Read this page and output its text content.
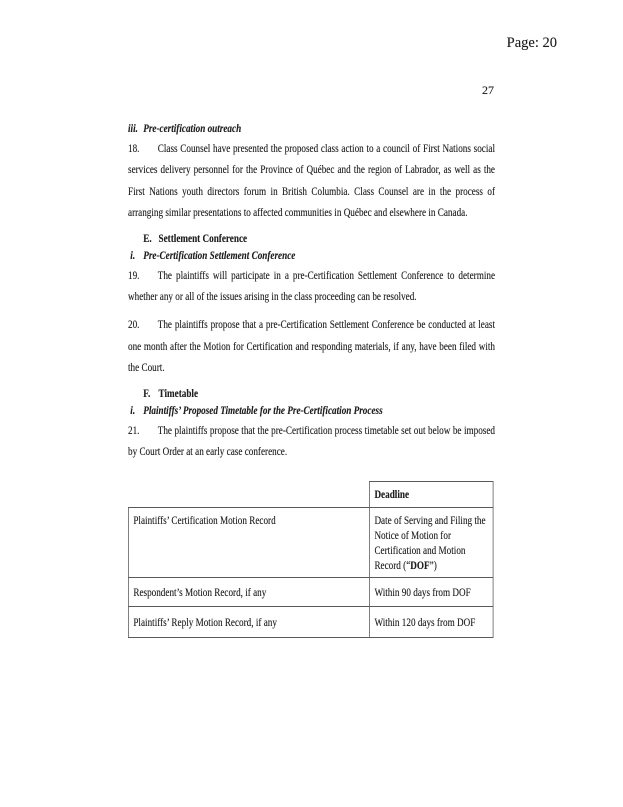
Page: 20
27
iii. Pre-certification outreach

18. Class Counsel have presented the proposed class action to a council of First Nations social services delivery personnel for the Province of Québec and the region of Labrador, as well as the First Nations youth directors forum in British Columbia. Class Counsel are in the process of arranging similar presentations to affected communities in Québec and elsewhere in Canada.

E. Settlement Conference
i. Pre-Certification Settlement Conference

19. The plaintiffs will participate in a pre-Certification Settlement Conference to determine whether any or all of the issues arising in the class proceeding can be resolved.

20. The plaintiffs propose that a pre-Certification Settlement Conference be conducted at least one month after the Motion for Certification and responding materials, if any, have been filed with the Court.

F. Timetable
i. Plaintiffs’ Proposed Timetable for the Pre-Certification Process

21. The plaintiffs propose that the pre-Certification process timetable set out below be imposed by Court Order at an early case conference.

	Deadline
Plaintiffs’ Certification Motion Record	Date of Serving and Filing the Notice of Motion for Certification and Motion Record (“DOF”)
Respondent’s Motion Record, if any	Within 90 days from DOF
Plaintiffs’ Reply Motion Record, if any	Within 120 days from DOF
